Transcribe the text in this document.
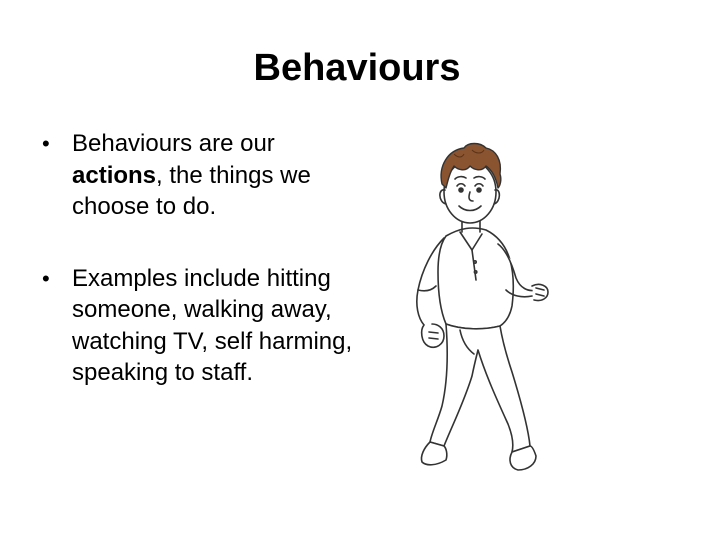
Behaviours
• Behaviours are our actions, the things we choose to do.
• Examples include hitting someone, walking away, watching TV, self harming, speaking to staff.
